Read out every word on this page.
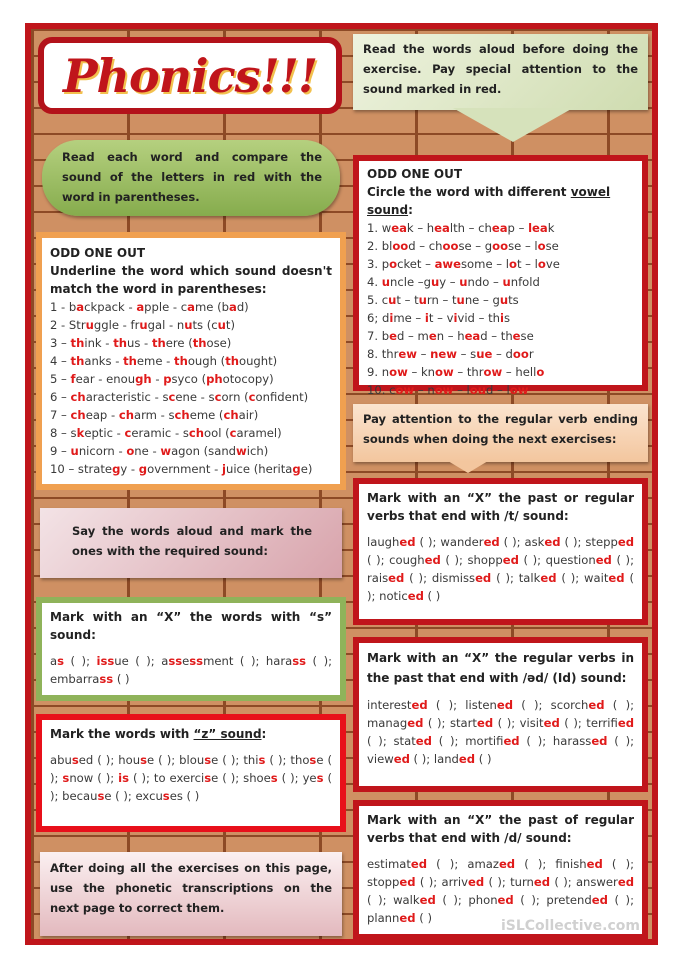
Phonics!!!	Read the words aloud before doing the exercise. Pay special attention to the sound marked in red.
Read each word and compare the sound of the letters in red with the word in parentheses.
ODD ONE OUT
Underline the word which sound doesn't match the word in parentheses:
1 - backpack - apple - came (bad)
2 - Struggle - frugal - nuts (cut)
3 – think - thus - there (those)
4 – thanks - theme - though (thought)
5 – fear - enough - psyco (photocopy)
6 – characteristic - scene - scorn (confident)
7 – cheap - charm - scheme (chair)
8 – skeptic - ceramic - school (caramel)
9 – unicorn - one - wagon (sandwich)
10 – strategy - government - juice (heritage)
ODD ONE OUT
Circle the word with different vowel sound:
1. weak – health – cheap – leak
2. blood – choose – goose – lose
3. pocket – awesome – lot – love
4. uncle –guy – undo – unfold
5. cut – turn – tune – guts
6; dime – it – vivid – this
7. bed – men – head – these
8. threw – new – sue – door
9. now – know – throw – hello
10. cow – now – loud – low
Pay attention to the regular verb ending sounds when doing the next exercises:
Say the words aloud and mark the ones with the required sound:
Mark with an “X” the words with “s” sound:
as ( ); issue ( ); assessment ( ); harass ( ); embarrass ( )
Mark the words with “z” sound:
abused ( ); house ( ); blouse ( ); this ( ); those ( ); snow ( ); is ( ); to exercise ( ); shoes ( ); yes ( ); because ( ); excuses ( )
After doing all the exercises on this page, use the phonetic transcriptions on the next page to correct them.
Mark with an “X” the past or regular verbs that end with /t/ sound:
laughed ( ); wandered ( ); asked ( ); stepped ( ); coughed ( ); shopped ( ); questioned ( ); raised ( ); dismissed ( ); talked ( ); waited ( ); noticed ( )
Mark with an “X” the regular verbs in the past that end with /əd/ (Id) sound:
interested ( ); listened ( ); scorched ( ); managed ( ); started ( ); visited ( ); terrified ( ); stated ( ); mortified ( ); harassed ( ); viewed ( ); landed ( )
Mark with an “X” the past of regular verbs that end with /d/ sound:
estimated ( ); amazed ( ); finished ( ); stopped ( ); arrived ( ); turned ( ); answered ( ); walked ( ); phoned ( ); pretended ( ); planned ( )	iSLCollective.com
